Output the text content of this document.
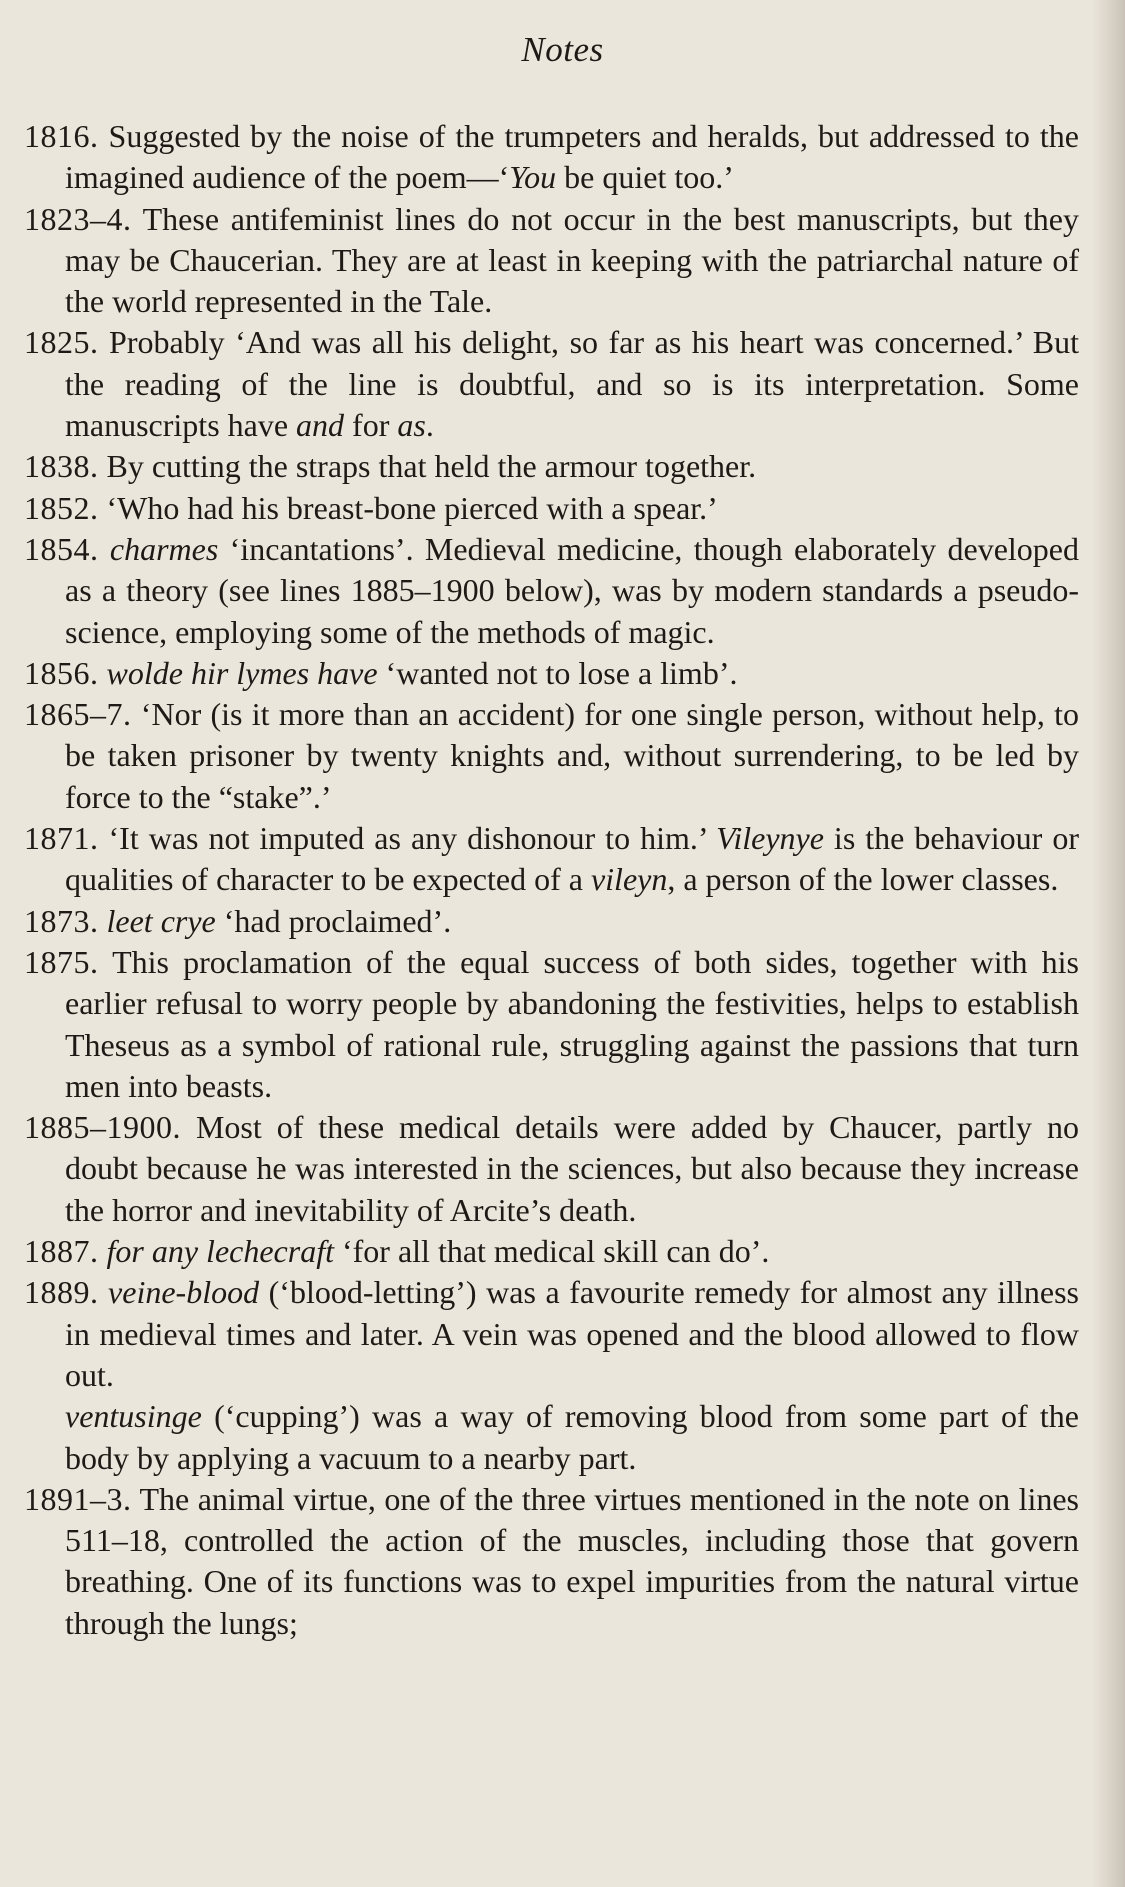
Notes

1816. Suggested by the noise of the trumpeters and heralds, but addressed to the imagined audience of the poem—‘You be quiet too.’

1823–4. These antifeminist lines do not occur in the best manuscripts, but they may be Chaucerian. They are at least in keeping with the patriarchal nature of the world represented in the Tale.

1825. Probably ‘And was all his delight, so far as his heart was concerned.’ But the reading of the line is doubtful, and so is its interpretation. Some manuscripts have and for as.

1838. By cutting the straps that held the armour together.

1852. ‘Who had his breast-bone pierced with a spear.’

1854. charmes ‘incantations’. Medieval medicine, though elaborately developed as a theory (see lines 1885–1900 below), was by modern standards a pseudo-science, employing some of the methods of magic.

1856. wolde hir lymes have ‘wanted not to lose a limb’.

1865–7. ‘Nor (is it more than an accident) for one single person, without help, to be taken prisoner by twenty knights and, without surrendering, to be led by force to the “stake”.’

1871. ‘It was not imputed as any dishonour to him.’ Vileynye is the behaviour or qualities of character to be expected of a vileyn, a person of the lower classes.

1873. leet crye ‘had proclaimed’.

1875. This proclamation of the equal success of both sides, together with his earlier refusal to worry people by abandoning the festivities, helps to establish Theseus as a symbol of rational rule, struggling against the passions that turn men into beasts.

1885–1900. Most of these medical details were added by Chaucer, partly no doubt because he was interested in the sciences, but also because they increase the horror and inevitability of Arcite’s death.

1887. for any lechecraft ‘for all that medical skill can do’.

1889. veine-blood (‘blood-letting’) was a favourite remedy for almost any illness in medieval times and later. A vein was opened and the blood allowed to flow out.

ventusinge (‘cupping’) was a way of removing blood from some part of the body by applying a vacuum to a nearby part.

1891–3. The animal virtue, one of the three virtues mentioned in the note on lines 511–18, controlled the action of the muscles, including those that govern breathing. One of its functions was to expel impurities from the natural virtue through the lungs;
